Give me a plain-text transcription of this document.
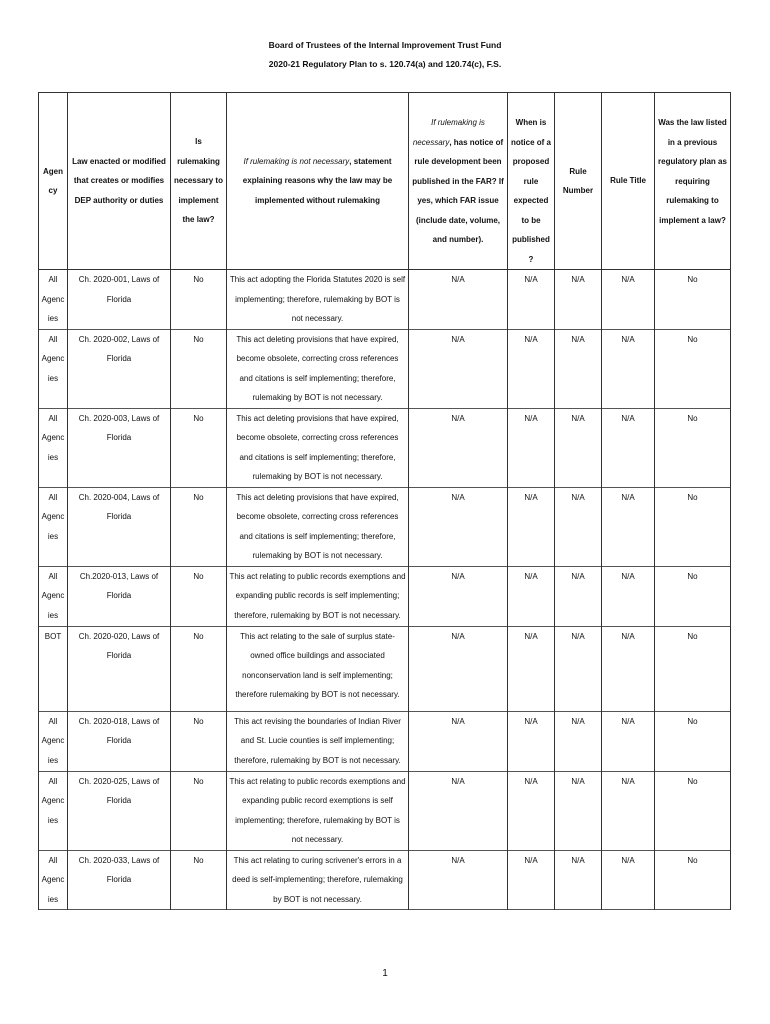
Board of Trustees of the Internal Improvement Trust Fund
2020-21 Regulatory Plan to s. 120.74(a) and 120.74(c), F.S.
Agency	Law enacted or modified that creates or modifies DEP authority or duties	Is rulemaking necessary to implement the law?	If rulemaking is not necessary, statement explaining reasons why the law may be implemented without rulemaking	If rulemaking is necessary, has notice of rule development been published in the FAR? If yes, which FAR issue (include date, volume, and number).	When is notice of a proposed rule expected to be published?	Rule Number	Rule Title	Was the law listed in a previous regulatory plan as requiring rulemaking to implement a law?
All Agencies	Ch. 2020-001, Laws of Florida	No	This act adopting the Florida Statutes 2020 is self implementing; therefore, rulemaking by BOT is not necessary.	N/A	N/A	N/A	N/A	No
All Agencies	Ch. 2020-002, Laws of Florida	No	This act deleting provisions that have expired, become obsolete, correcting cross references and citations is self implementing; therefore, rulemaking by BOT is not necessary.	N/A	N/A	N/A	N/A	No
All Agencies	Ch. 2020-003, Laws of Florida	No	This act deleting provisions that have expired, become obsolete, correcting cross references and citations is self implementing; therefore, rulemaking by BOT is not necessary.	N/A	N/A	N/A	N/A	No
All Agencies	Ch. 2020-004, Laws of Florida	No	This act deleting provisions that have expired, become obsolete, correcting cross references and citations is self implementing; therefore, rulemaking by BOT is not necessary.	N/A	N/A	N/A	N/A	No
All Agencies	Ch.2020-013, Laws of Florida	No	This act relating to public records exemptions and expanding public records is self implementing; therefore, rulemaking by BOT is not necessary.	N/A	N/A	N/A	N/A	No
BOT	Ch. 2020-020, Laws of Florida	No	This act relating to the sale of surplus state-owned office buildings and associated nonconservation land is self implementing; therefore rulemaking by BOT is not necessary.	N/A	N/A	N/A	N/A	No
All Agencies	Ch. 2020-018, Laws of Florida	No	This act revising the boundaries of Indian River and St. Lucie counties is self implementing; therefore, rulemaking by BOT is not necessary.	N/A	N/A	N/A	N/A	No
All Agencies	Ch. 2020-025, Laws of Florida	No	This act relating to public records exemptions and expanding public record exemptions is self implementing; therefore, rulemaking by BOT is not necessary.	N/A	N/A	N/A	N/A	No
All Agencies	Ch. 2020-033, Laws of Florida	No	This act relating to curing scrivener's errors in a deed is self-implementing; therefore, rulemaking by BOT is not necessary.	N/A	N/A	N/A	N/A	No
1
